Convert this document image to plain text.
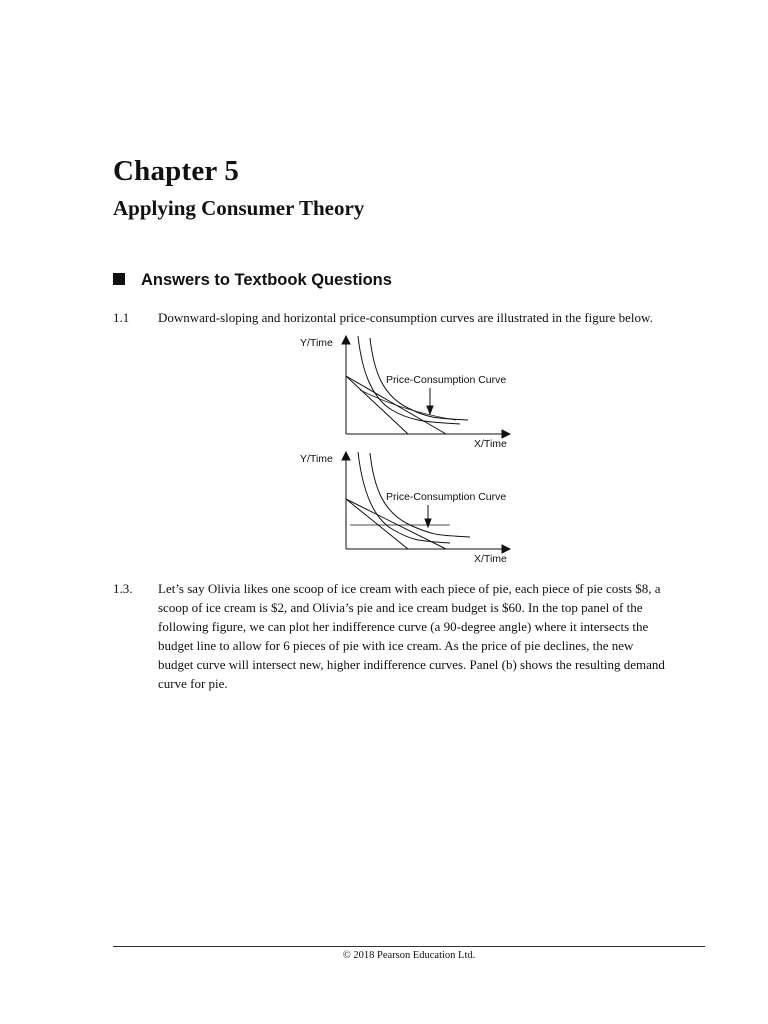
Chapter 5
Applying Consumer Theory
Answers to Textbook Questions
1.1 Downward-sloping and horizontal price-consumption curves are illustrated in the figure below.
Y/Time
X/Time
Price-Consumption Curve
Y/Time
X/Time
Price-Consumption Curve
1.3. Let’s say Olivia likes one scoop of ice cream with each piece of pie, each piece of pie costs $8, a
scoop of ice cream is $2, and Olivia’s pie and ice cream budget is $60. In the top panel of the
following figure, we can plot her indifference curve (a 90-degree angle) where it intersects the
budget line to allow for 6 pieces of pie with ice cream. As the price of pie declines, the new
budget curve will intersect new, higher indifference curves. Panel (b) shows the resulting demand
curve for pie.
© 2018 Pearson Education Ltd.
